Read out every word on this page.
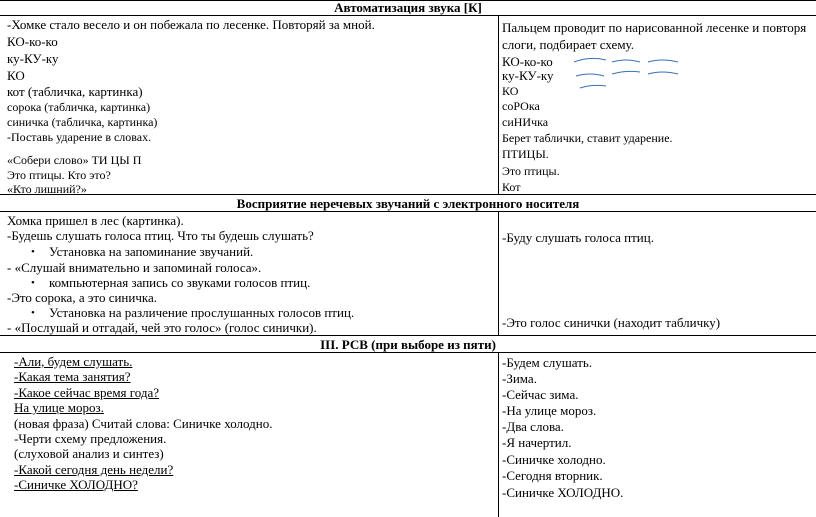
Автоматизация звука [К]
-Хомке стало весело и он побежала по лесенке. Повторяй за мной.
КО-ко-ко
ку-КУ-ку
КО
кот (табличка, картинка)
сорока (табличка, картинка)
синичка (табличка, картинка)
-Поставь ударение в словах.
«Собери слово» ТИ ЦЫ П
Это птицы. Кто это?
«Кто лишний?»
Пальцем проводит по нарисованной лесенке и повторя
слоги, подбирает схему.
КО-ко-ко
ку-КУ-ку
КО
соРОка
сиНИчка
Берет таблички, ставит ударение.
ПТИЦЫ.
Это птицы.
Кот
Восприятие неречевых звучаний с электронного носителя
Хомка пришел в лес (картинка).
-Будешь слушать голоса птиц. Что ты будешь слушать?
• Установка на запоминание звучаний.
- «Слушай внимательно и запоминай голоса».
• компьютерная запись со звуками голосов птиц.
-Это сорока, а это синичка.
• Установка на различение прослушанных голосов птиц.
- «Послушай и отгадай, чей это голос» (голос синички).
-Буду слушать голоса птиц.
-Это голос синички (находит табличку)
III. РСВ (при выборе из пяти)
-Али, будем слушать.
-Какая тема занятия?
-Какое сейчас время года?
На улице мороз.
(новая фраза) Считай слова: Синичке холодно.
-Черти схему предложения.
(слуховой анализ и синтез)
-Какой сегодня день недели?
-Синичке ХОЛОДНО?
-Будем слушать.
-Зима.
-Сейчас зима.
-На улице мороз.
-Два слова.
-Я начертил.
-Синичке холодно.
-Сегодня вторник.
-Синичке ХОЛОДНО.
